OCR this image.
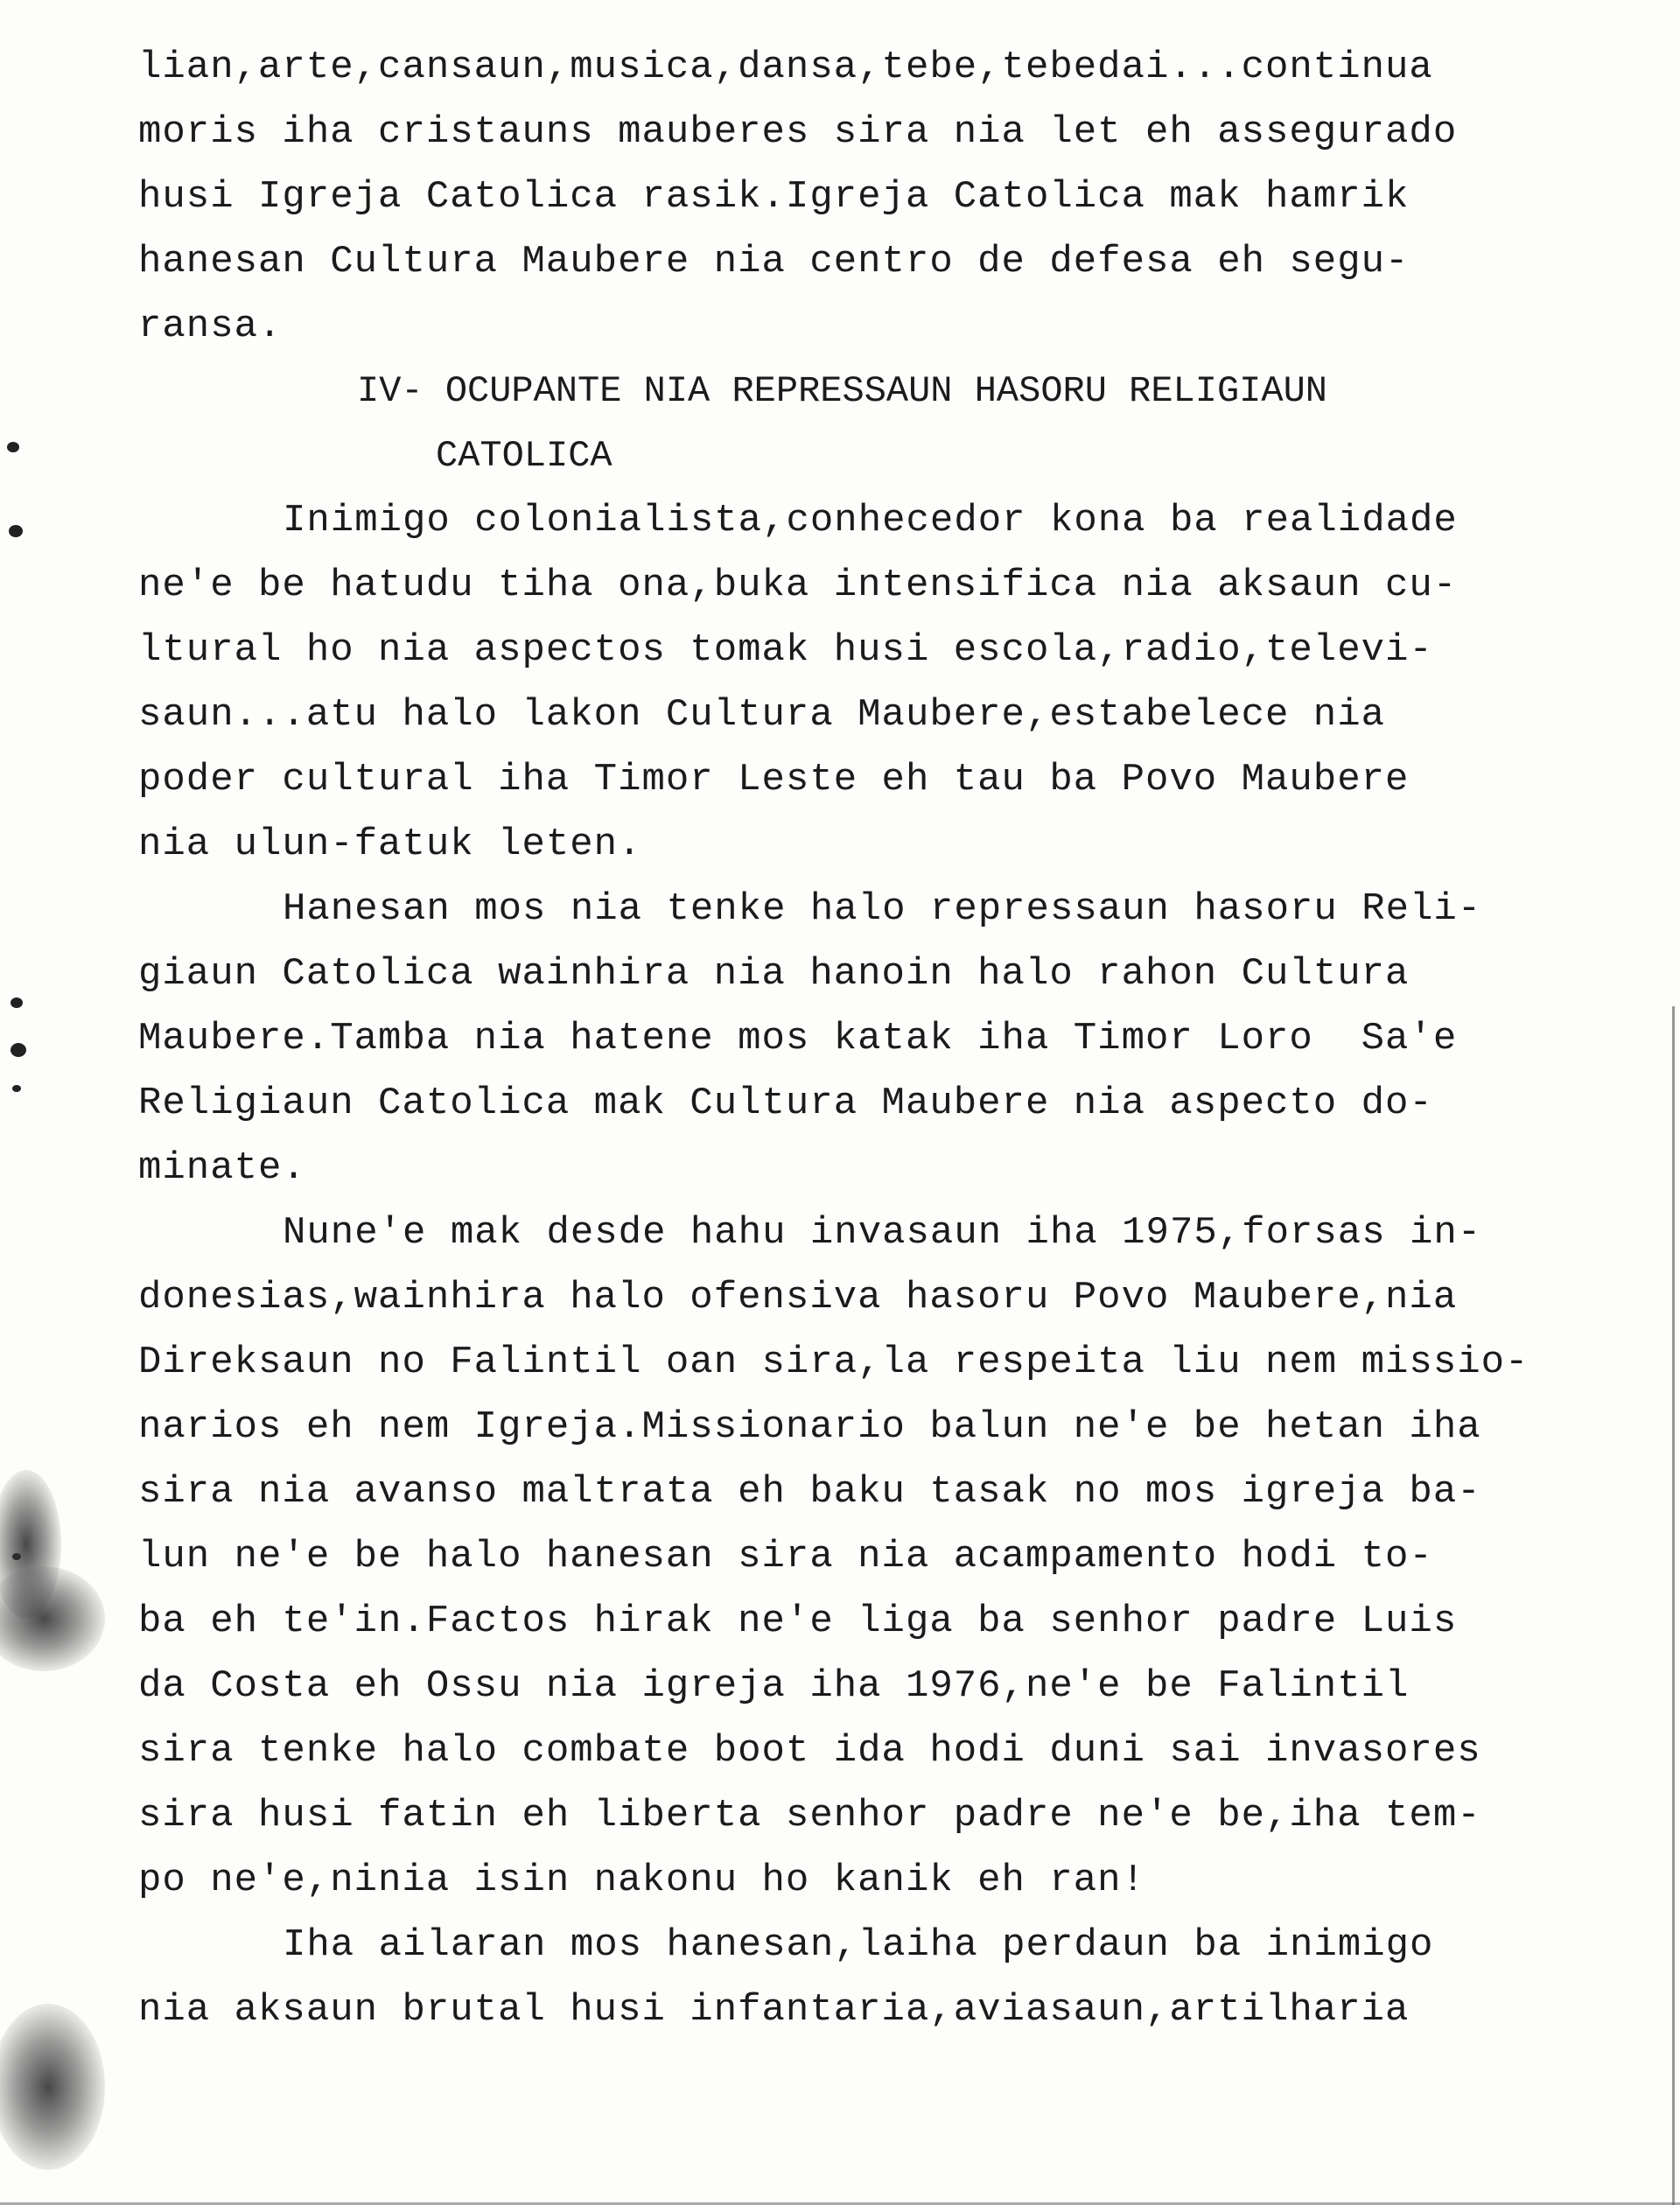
lian,arte,cansaun,musica,dansa,tebe,tebedai...continua
moris iha cristauns mauberes sira nia let eh assegurado
husi Igreja Catolica rasik.Igreja Catolica mak hamrik
hanesan Cultura Maubere nia centro de defesa eh segu-
ransa.
IV- OCUPANTE NIA REPRESSAUN HASORU RELIGIAUN
CATOLICA
Inimigo colonialista,conhecedor kona ba realidade
ne'e be hatudu tiha ona,buka intensifica nia aksaun cu-
ltural ho nia aspectos tomak husi escola,radio,televi-
saun...atu halo lakon Cultura Maubere,estabelece nia
poder cultural iha Timor Leste eh tau ba Povo Maubere
nia ulun-fatuk leten.
Hanesan mos nia tenke halo repressaun hasoru Reli-
giaun Catolica wainhira nia hanoin halo rahon Cultura
Maubere.Tamba nia hatene mos katak iha Timor Loro  Sa'e
Religiaun Catolica mak Cultura Maubere nia aspecto do-
minate.
Nune'e mak desde hahu invasaun iha 1975,forsas in-
donesias,wainhira halo ofensiva hasoru Povo Maubere,nia
Direksaun no Falintil oan sira,la respeita liu nem missio-
narios eh nem Igreja.Missionario balun ne'e be hetan iha
sira nia avanso maltrata eh baku tasak no mos igreja ba-
lun ne'e be halo hanesan sira nia acampamento hodi to-
ba eh te'in.Factos hirak ne'e liga ba senhor padre Luis
da Costa eh Ossu nia igreja iha 1976,ne'e be Falintil
sira tenke halo combate boot ida hodi duni sai invasores
sira husi fatin eh liberta senhor padre ne'e be,iha tem-
po ne'e,ninia isin nakonu ho kanik eh ran!
Iha ailaran mos hanesan,laiha perdaun ba inimigo
nia aksaun brutal husi infantaria,aviasaun,artilharia
